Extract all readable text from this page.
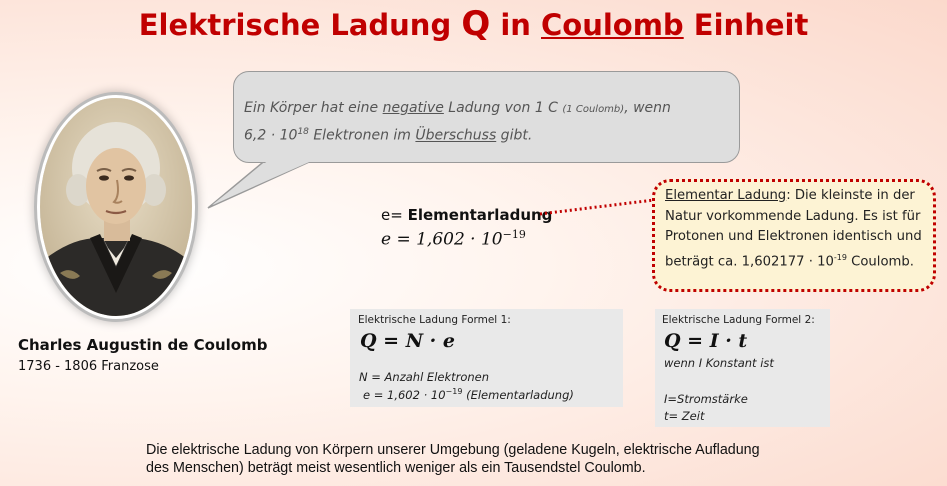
Elektrische Ladung Q in Coulomb Einheit
Ein Körper hat eine negative Ladung von 1 C (1 Coulomb), wenn
$6,2 \cdot 10^{18}$ Elektronen im Überschuss gibt.
Charles Augustin de Coulomb
1736 - 1806 Franzose
e= Elementarladung
$e = 1,602 \cdot 10^{-19}$
Elementar Ladung: Die kleinste in der Natur vorkommende Ladung. Es ist für Protonen und Elektronen identisch und beträgt ca. $1,602177 \cdot 10^{-19}$ Coulomb.
Elektrische Ladung Formel 1:
Q = N · e
N = Anzahl Elektronen
$e = 1,602 \cdot 10^{-19}$ (Elementarladung)
Elektrische Ladung Formel 2:
Q = I · t
wenn I Konstant ist
I=Stromstärke
t= Zeit
Die elektrische Ladung von Körpern unserer Umgebung (geladene Kugeln, elektrische Aufladung des Menschen) beträgt meist wesentlich weniger als ein Tausendstel Coulomb.
